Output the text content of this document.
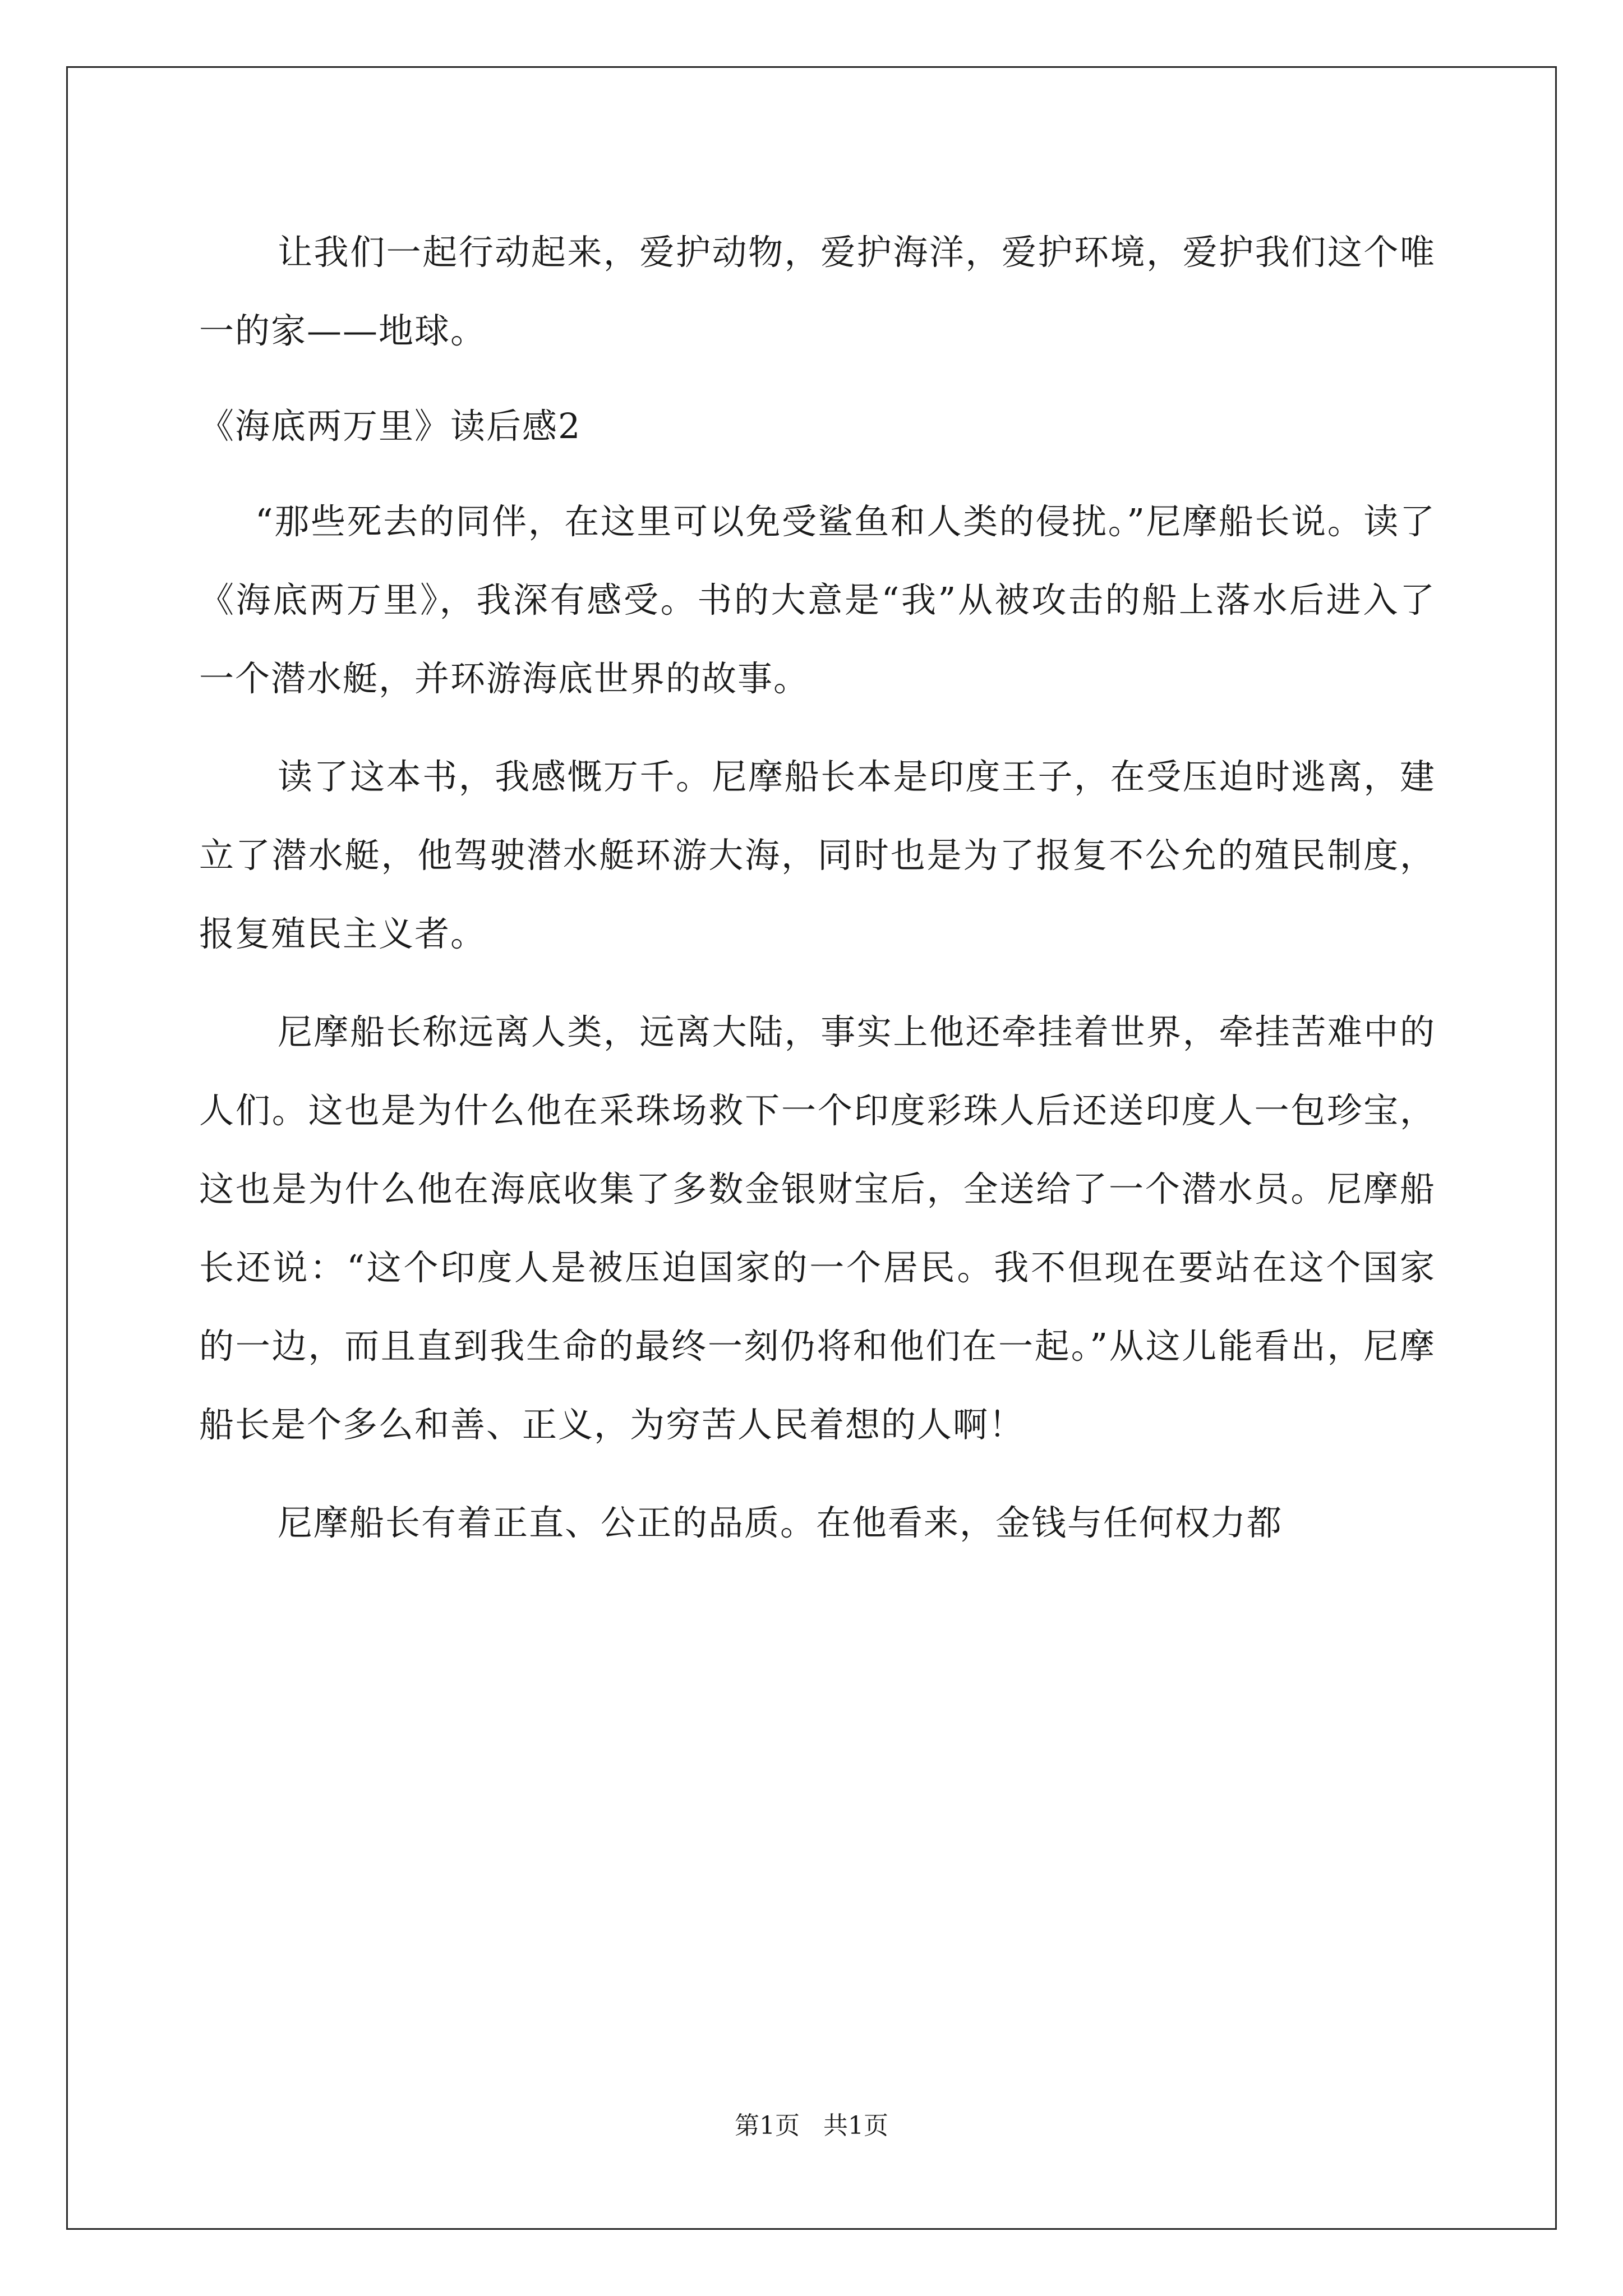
让我们一起行动起来，爱护动物，爱护海洋，爱护环境，爱护我们这个唯一的家——地球。

《海底两万里》读后感2

“那些死去的同伴，在这里可以免受鲨鱼和人类的侵扰。”尼摩船长说。读了《海底两万里》，我深有感受。书的大意是“我”从被攻击的船上落水后进入了一个潜水艇，并环游海底世界的故事。

读了这本书，我感慨万千。尼摩船长本是印度王子，在受压迫时逃离，建立了潜水艇，他驾驶潜水艇环游大海，同时也是为了报复不公允的殖民制度，报复殖民主义者。

尼摩船长称远离人类，远离大陆，事实上他还牵挂着世界，牵挂苦难中的人们。这也是为什么他在采珠场救下一个印度彩珠人后还送印度人一包珍宝，这也是为什么他在海底收集了多数金银财宝后，全送给了一个潜水员。尼摩船长还说：“这个印度人是被压迫国家的一个居民。我不但现在要站在这个国家的一边，而且直到我生命的最终一刻仍将和他们在一起。”从这儿能看出，尼摩船长是个多么和善、正义，为穷苦人民着想的人啊！

尼摩船长有着正直、公正的品质。在他看来，金钱与任何权力都

第1页 共1页
